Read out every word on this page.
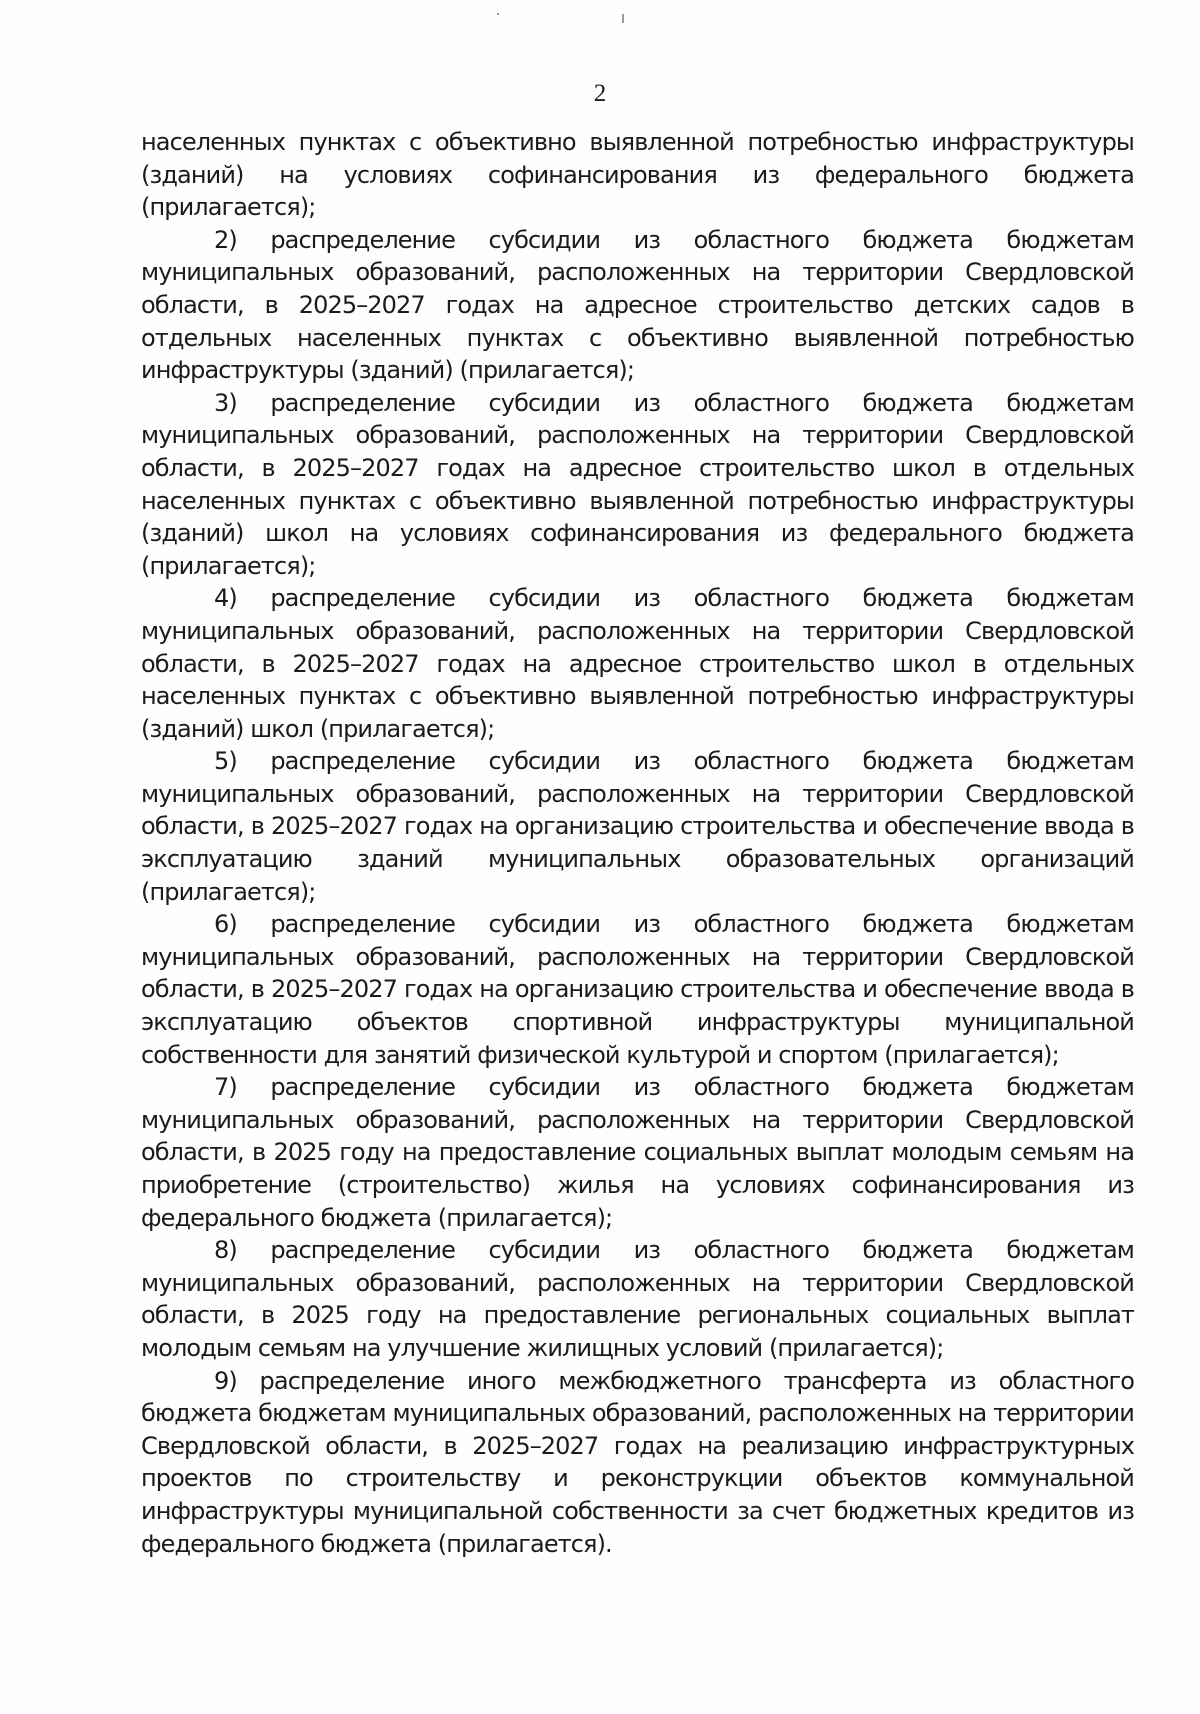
2

населенных пунктах с объективно выявленной потребностью инфраструктуры (зданий) на условиях софинансирования из федерального бюджета (прилагается);

2) распределение субсидии из областного бюджета бюджетам муниципальных образований, расположенных на территории Свердловской области, в 2025–2027 годах на адресное строительство детских садов в отдельных населенных пунктах с объективно выявленной потребностью инфраструктуры (зданий) (прилагается);

3) распределение субсидии из областного бюджета бюджетам муниципальных образований, расположенных на территории Свердловской области, в 2025–2027 годах на адресное строительство школ в отдельных населенных пунктах с объективно выявленной потребностью инфраструктуры (зданий) школ на условиях софинансирования из федерального бюджета (прилагается);

4) распределение субсидии из областного бюджета бюджетам муниципальных образований, расположенных на территории Свердловской области, в 2025–2027 годах на адресное строительство школ в отдельных населенных пунктах с объективно выявленной потребностью инфраструктуры (зданий) школ (прилагается);

5) распределение субсидии из областного бюджета бюджетам муниципальных образований, расположенных на территории Свердловской области, в 2025–2027 годах на организацию строительства и обеспечение ввода в эксплуатацию зданий муниципальных образовательных организаций (прилагается);

6) распределение субсидии из областного бюджета бюджетам муниципальных образований, расположенных на территории Свердловской области, в 2025–2027 годах на организацию строительства и обеспечение ввода в эксплуатацию объектов спортивной инфраструктуры муниципальной собственности для занятий физической культурой и спортом (прилагается);

7) распределение субсидии из областного бюджета бюджетам муниципальных образований, расположенных на территории Свердловской области, в 2025 году на предоставление социальных выплат молодым семьям на приобретение (строительство) жилья на условиях софинансирования из федерального бюджета (прилагается);

8) распределение субсидии из областного бюджета бюджетам муниципальных образований, расположенных на территории Свердловской области, в 2025 году на предоставление региональных социальных выплат молодым семьям на улучшение жилищных условий (прилагается);

9) распределение иного межбюджетного трансферта из областного бюджета бюджетам муниципальных образований, расположенных на территории Свердловской области, в 2025–2027 годах на реализацию инфраструктурных проектов по строительству и реконструкции объектов коммунальной инфраструктуры муниципальной собственности за счет бюджетных кредитов из федерального бюджета (прилагается).
